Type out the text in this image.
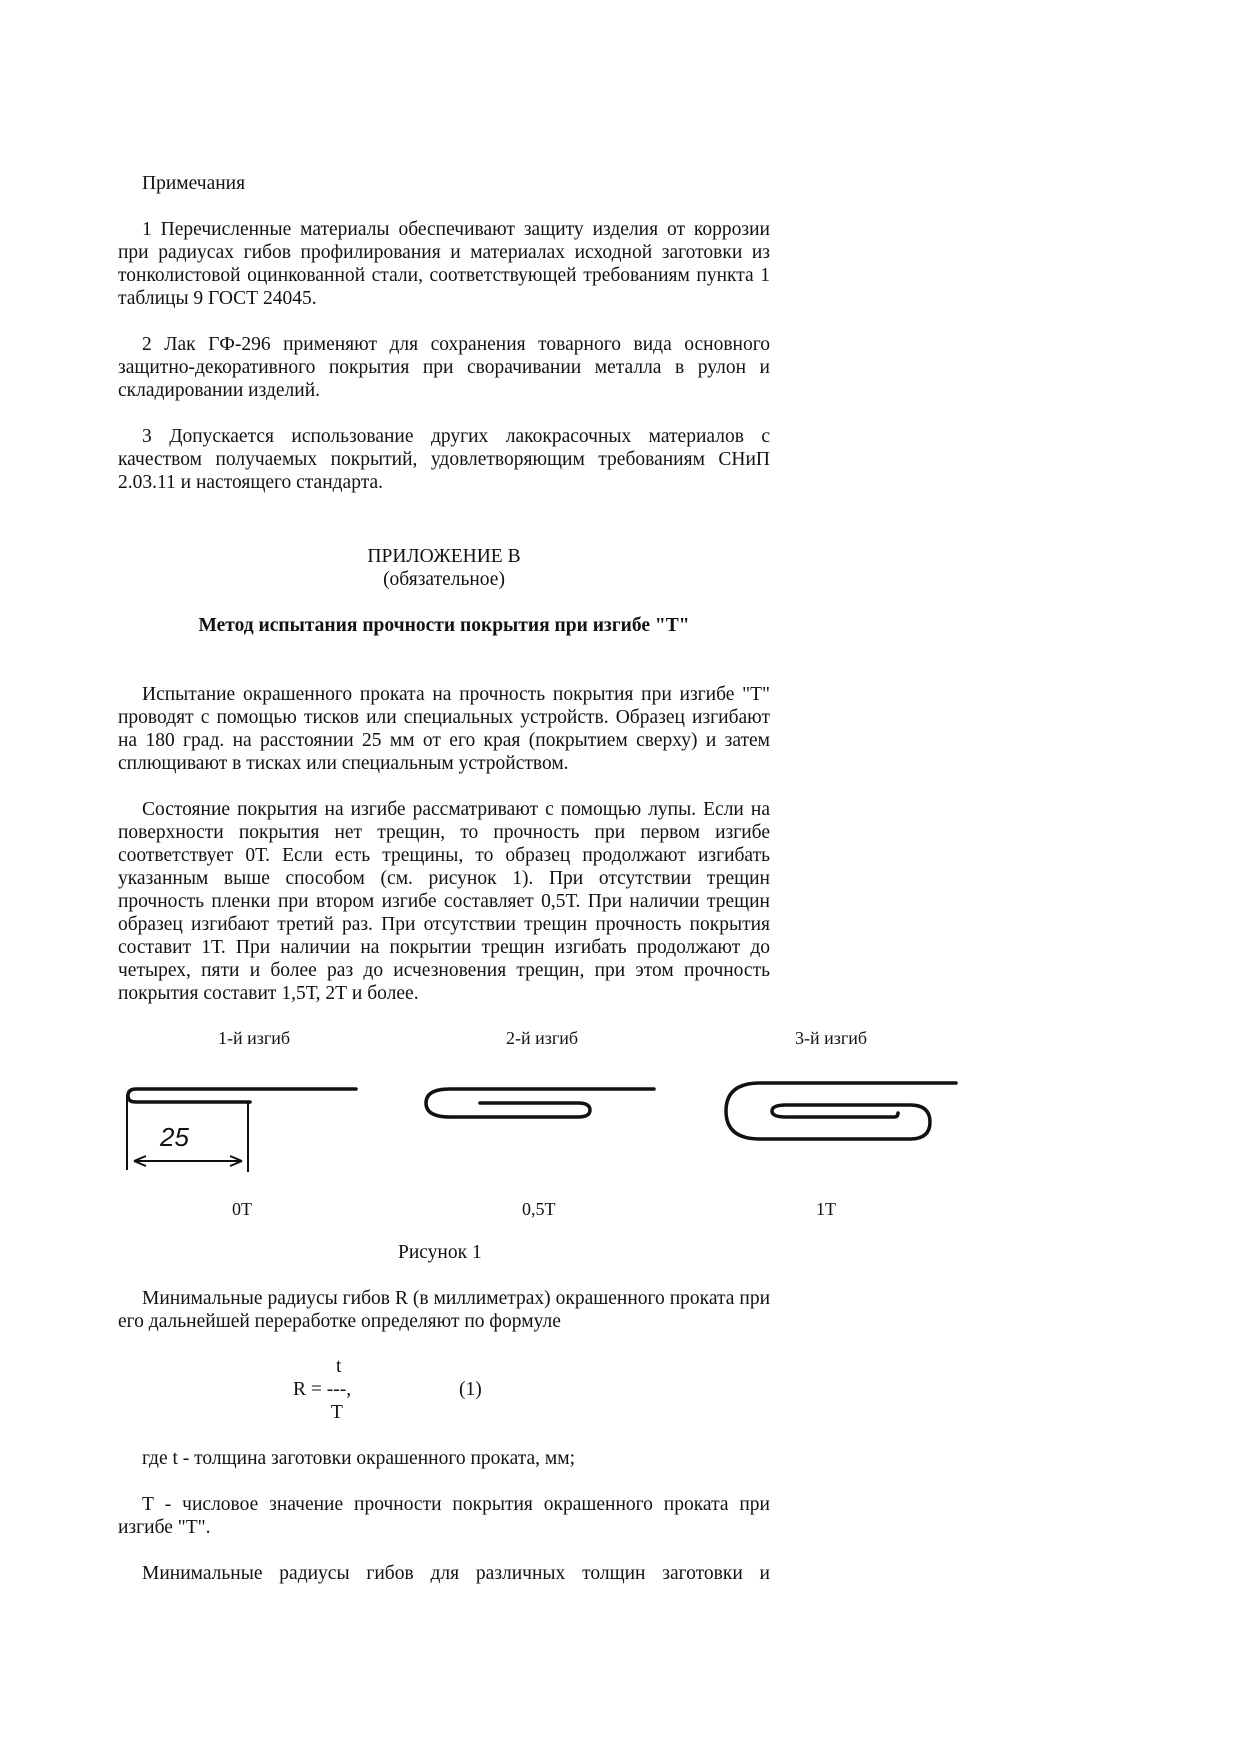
Примечания

1 Перечисленные материалы обеспечивают защиту изделия от коррозии при радиусах гибов профилирования и материалах исходной заготовки из тонколистовой оцинкованной стали, соответствующей требованиям пункта 1 таблицы 9 ГОСТ 24045.

2 Лак ГФ-296 применяют для сохранения товарного вида основного защитно-декоративного покрытия при сворачивании металла в рулон и складировании изделий.

3 Допускается использование других лакокрасочных материалов с качеством получаемых покрытий, удовлетворяющим требованиям СНиП 2.03.11 и настоящего стандарта.

ПРИЛОЖЕНИЕ В
(обязательное)
Метод испытания прочности покрытия при изгибе "Т"

Испытание окрашенного проката на прочность покрытия при изгибе "Т" проводят с помощью тисков или специальных устройств. Образец изгибают на 180 град. на расстоянии 25 мм от его края (покрытием сверху) и затем сплющивают в тисках или специальным устройством.

Состояние покрытия на изгибе рассматривают с помощью лупы. Если на поверхности покрытия нет трещин, то прочность при первом изгибе соответствует 0Т. Если есть трещины, то образец продолжают изгибать указанным выше способом (см. рисунок 1). При отсутствии трещин прочность пленки при втором изгибе составляет 0,5Т. При наличии трещин образец изгибают третий раз. При отсутствии трещин прочность покрытия составит 1Т. При наличии на покрытии трещин изгибать продолжают до четырех, пяти и более раз до исчезновения трещин, при этом прочность покрытия составит 1,5Т, 2Т и более.

1-й изгиб	2-й изгиб	3-й изгиб
25
0Т	0,5Т	1Т
Рисунок 1

Минимальные радиусы гибов R (в миллиметрах) окрашенного проката при его дальнейшей переработке определяют по формуле

t
R = ---,
Т
(1)

где t - толщина заготовки окрашенного проката, мм;

Т - числовое значение прочности покрытия окрашенного проката при изгибе "Т".

Минимальные радиусы гибов для различных толщин заготовки и
